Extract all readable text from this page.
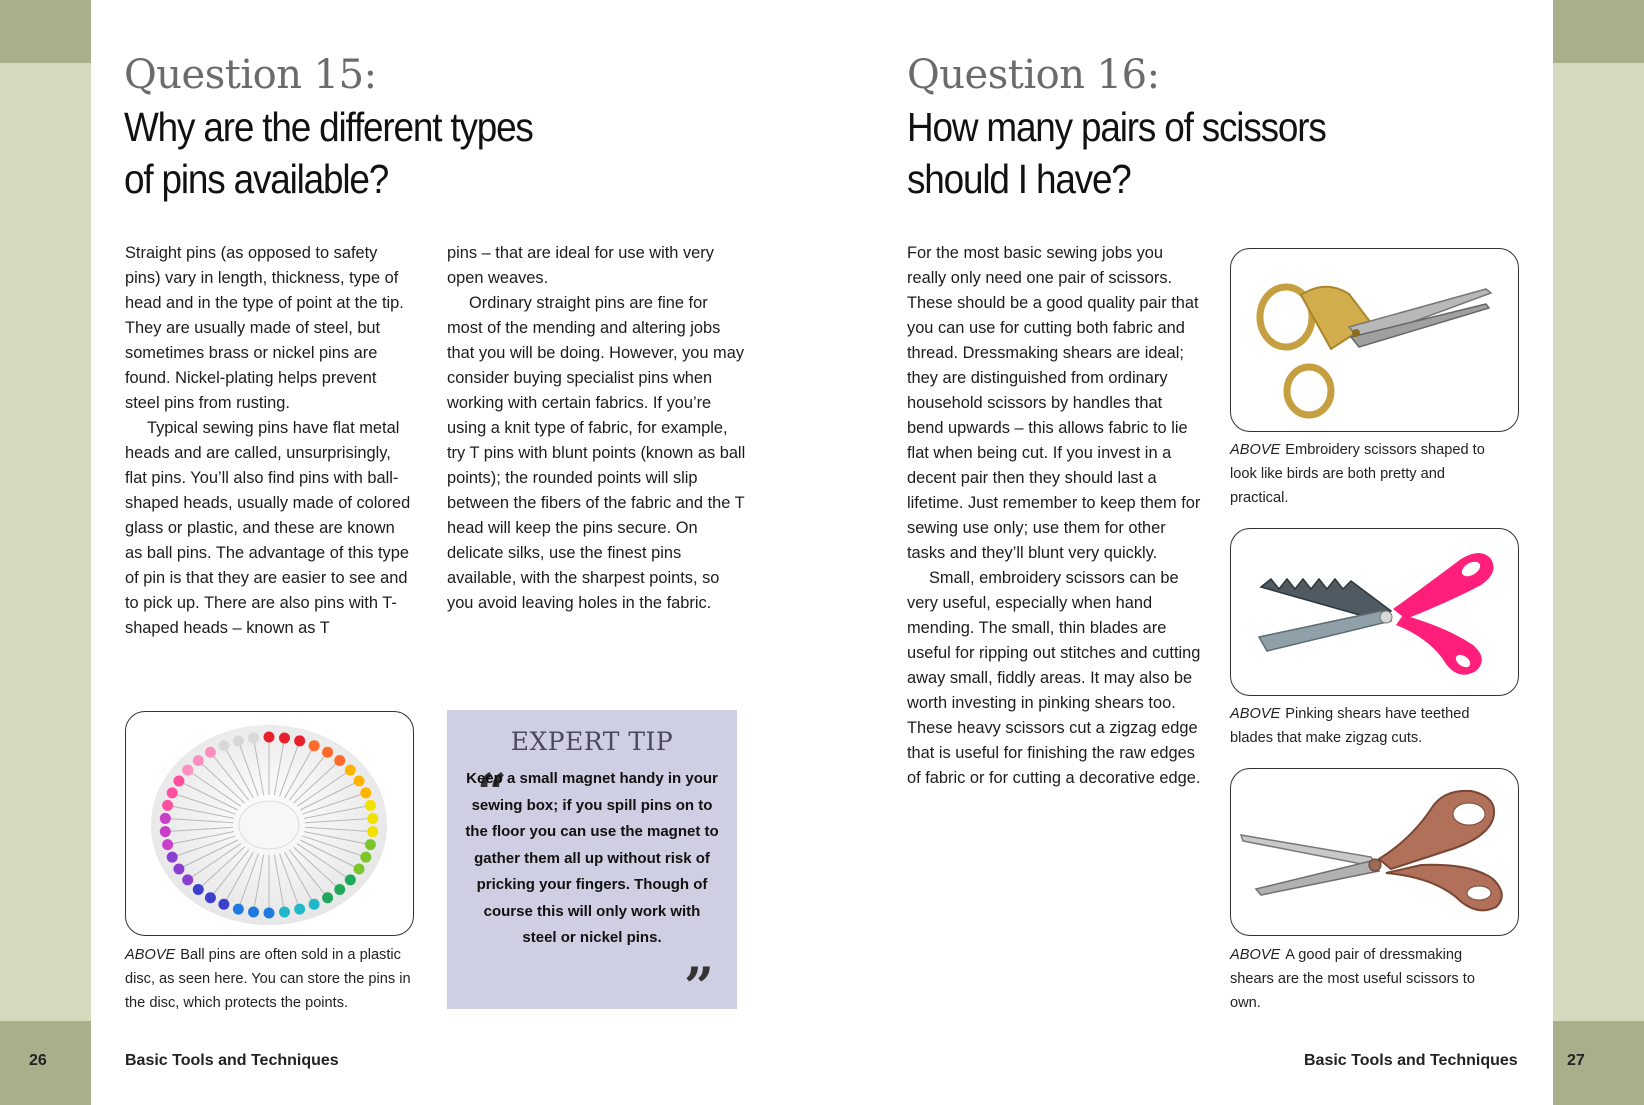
26	27
Question 15:
Why are the different types
of pins available?

Straight pins (as opposed to safety pins) vary in length, thickness, type of head and in the type of point at the tip. They are usually made of steel, but sometimes brass or nickel pins are found. Nickel-plating helps prevent steel pins from rusting.

Typical sewing pins have flat metal heads and are called, unsurprisingly, flat pins. You’ll also find pins with ball-shaped heads, usually made of colored glass or plastic, and these are known as ball pins. The advantage of this type of pin is that they are easier to see and to pick up. There are also pins with T-shaped heads – known as T

pins – that are ideal for use with very open weaves.

Ordinary straight pins are fine for most of the mending and altering jobs that you will be doing. However, you may consider buying specialist pins when working with certain fabrics. If you’re using a knit type of fabric, for example, try T pins with blunt points (known as ball points); the rounded points will slip between the fibers of the fabric and the T head will keep the pins secure. On delicate silks, use the finest pins available, with the sharpest points, so you avoid leaving holes in the fabric.

ABOVE Ball pins are often sold in a plastic disc, as seen here. You can store the pins in the disc, which protects the points.
Basic Tools and Techniques
EXPERT TIP
“
Keep a small magnet handy in your sewing box; if you spill pins on to the floor you can use the magnet to gather them all up without risk of pricking your fingers. Though of course this will only work with steel or nickel pins.
”
Question 16:
How many pairs of scissors
should I have?

For the most basic sewing jobs you really only need one pair of scissors. These should be a good quality pair that you can use for cutting both fabric and thread. Dressmaking shears are ideal; they are distinguished from ordinary household scissors by handles that bend upwards – this allows fabric to lie flat when being cut. If you invest in a decent pair then they should last a lifetime. Just remember to keep them for sewing use only; use them for other tasks and they’ll blunt very quickly.

Small, embroidery scissors can be very useful, especially when hand mending. The small, thin blades are useful for ripping out stitches and cutting away small, fiddly areas. It may also be worth investing in pinking shears too. These heavy scissors cut a zigzag edge that is useful for finishing the raw edges of fabric or for cutting a decorative edge.

ABOVE Embroidery scissors shaped to look like birds are both pretty and practical.
ABOVE Pinking shears have teethed blades that make zigzag cuts.
ABOVE A good pair of dressmaking shears are the most useful scissors to own.
Basic Tools and Techniques
